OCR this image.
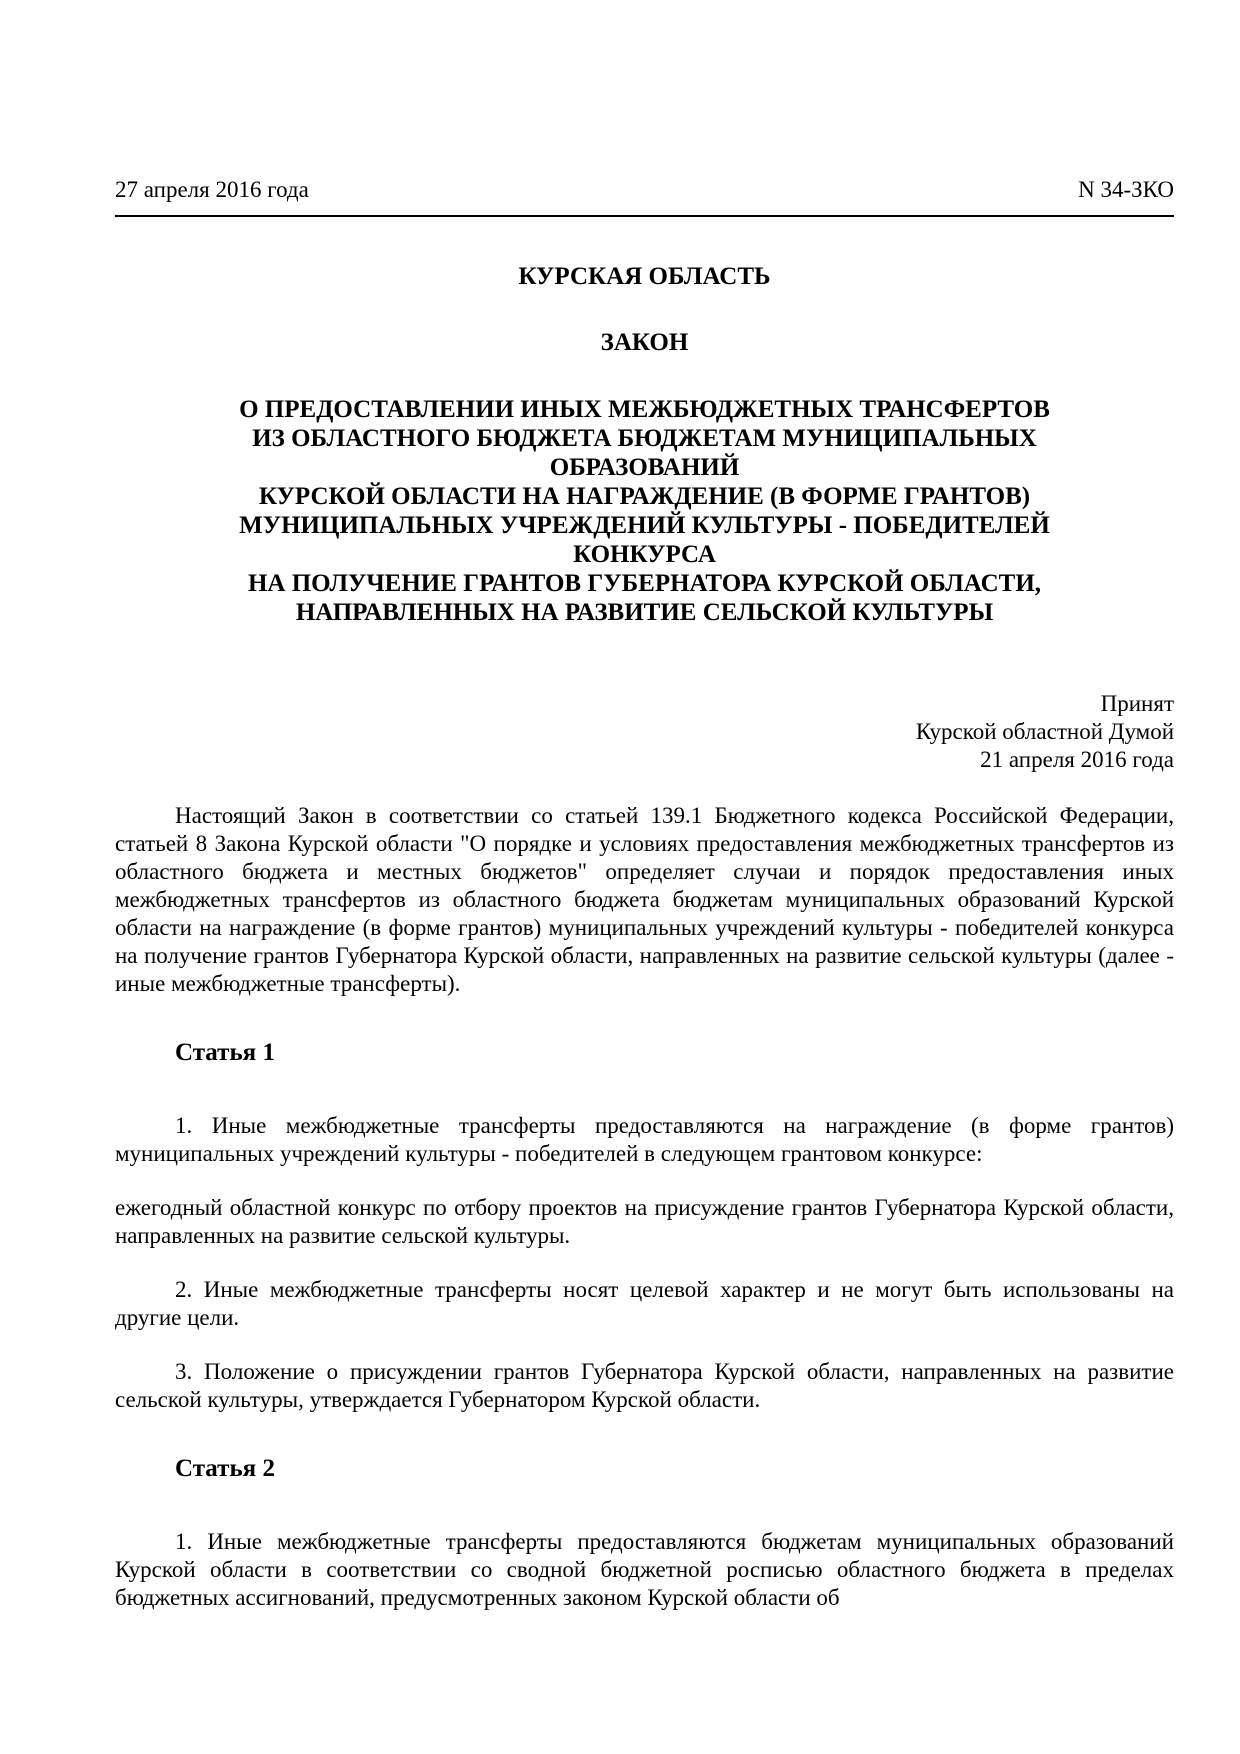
27 апреля 2016 года	N 34-ЗКО
КУРСКАЯ ОБЛАСТЬ
ЗАКОН
О ПРЕДОСТАВЛЕНИИ ИНЫХ МЕЖБЮДЖЕТНЫХ ТРАНСФЕРТОВ
ИЗ ОБЛАСТНОГО БЮДЖЕТА БЮДЖЕТАМ МУНИЦИПАЛЬНЫХ
ОБРАЗОВАНИЙ
КУРСКОЙ ОБЛАСТИ НА НАГРАЖДЕНИЕ (В ФОРМЕ ГРАНТОВ)
МУНИЦИПАЛЬНЫХ УЧРЕЖДЕНИЙ КУЛЬТУРЫ - ПОБЕДИТЕЛЕЙ
КОНКУРСА
НА ПОЛУЧЕНИЕ ГРАНТОВ ГУБЕРНАТОРА КУРСКОЙ ОБЛАСТИ,
НАПРАВЛЕННЫХ НА РАЗВИТИЕ СЕЛЬСКОЙ КУЛЬТУРЫ
Принят
Курской областной Думой
21 апреля 2016 года

Настоящий Закон в соответствии со статьей 139.1 Бюджетного кодекса Российской Федерации, статьей 8 Закона Курской области "О порядке и условиях предоставления межбюджетных трансфертов из областного бюджета и местных бюджетов" определяет случаи и порядок предоставления иных межбюджетных трансфертов из областного бюджета бюджетам муниципальных образований Курской области на награждение (в форме грантов) муниципальных учреждений культуры - победителей конкурса на получение грантов Губернатора Курской области, направленных на развитие сельской культуры (далее - иные межбюджетные трансферты).

Статья 1

1. Иные межбюджетные трансферты предоставляются на награждение (в форме грантов) муниципальных учреждений культуры - победителей в следующем грантовом конкурсе:

ежегодный областной конкурс по отбору проектов на присуждение грантов Губернатора Курской области, направленных на развитие сельской культуры.

2. Иные межбюджетные трансферты носят целевой характер и не могут быть использованы на другие цели.

3. Положение о присуждении грантов Губернатора Курской области, направленных на развитие сельской культуры, утверждается Губернатором Курской области.

Статья 2

1. Иные межбюджетные трансферты предоставляются бюджетам муниципальных образований Курской области в соответствии со сводной бюджетной росписью областного бюджета в пределах бюджетных ассигнований, предусмотренных законом Курской области об
